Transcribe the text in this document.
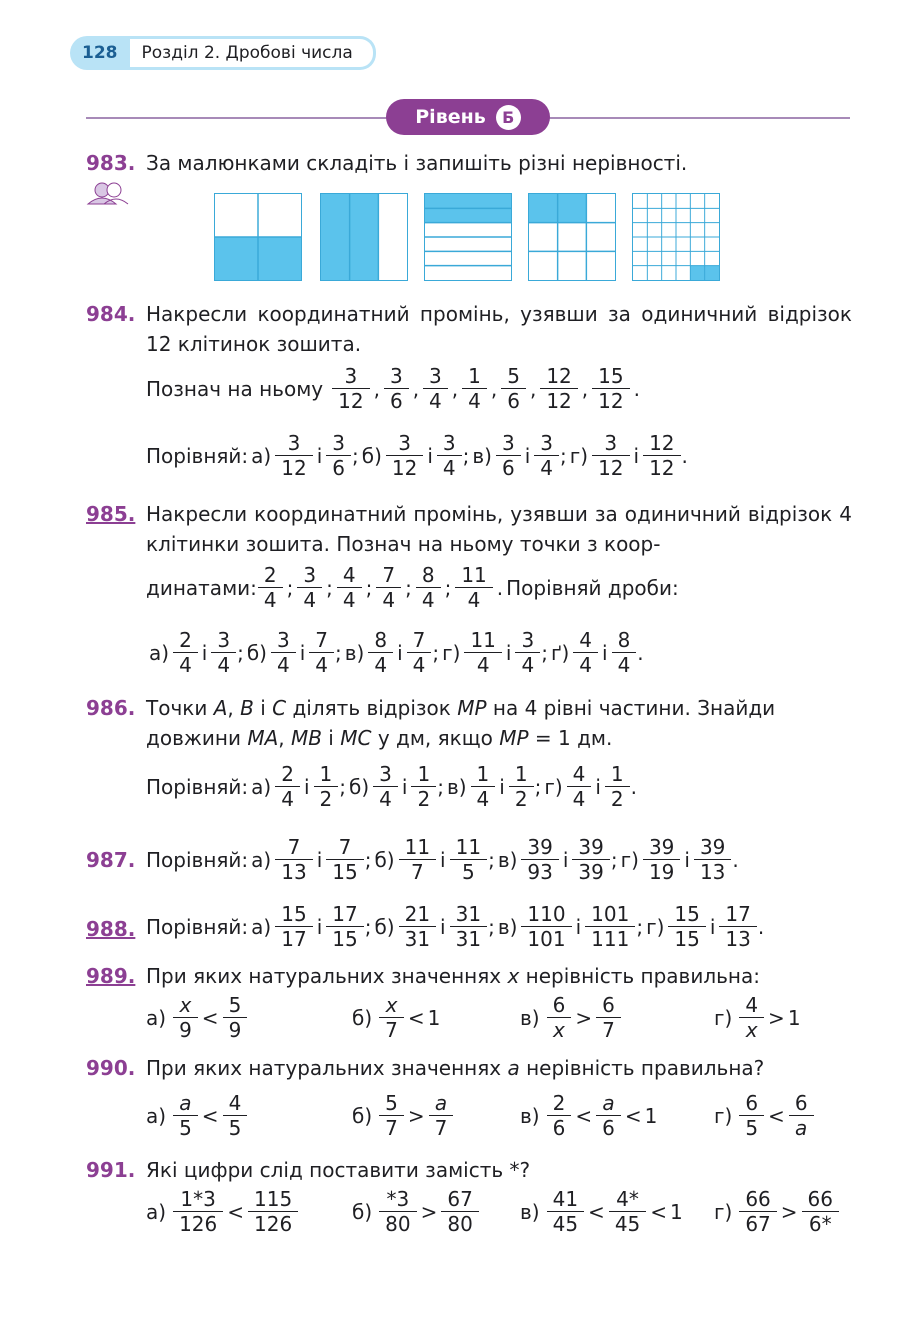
128	Розділ 2. Дробові числа
Рівень	Б
983. За малюнками складіть і запишіть різні нерівності.
984. Накресли координатний промінь, узявши за одиничний відрізок 12 клітинок зошита.
Познач на ньому $\frac{3}{12}$ , $\frac{3}{6}$ , $\frac{3}{4}$ , $\frac{1}{4}$ , $\frac{5}{6}$ , $\frac{12}{12}$ , $\frac{15}{12}$ .
Порівняй: $а) \frac{3}{12}$ і $\frac{3}{6}$ ; $б) \frac{3}{12}$ і $\frac{3}{4}$ ; $в) \frac{3}{6}$ і $\frac{3}{4}$ ; $г) \frac{3}{12}$ і $\frac{12}{12}$ .
985. Накресли координатний промінь, узявши за одиничний відрізок 4 клітинки зошита. Познач на ньому точки з коор-
динатами: $\frac{2}{4}$ ; $\frac{3}{4}$ ; $\frac{4}{4}$ ; $\frac{7}{4}$ ; $\frac{8}{4}$ ; $\frac{11}{4}$ . Порівняй дроби:
$а) \frac{2}{4}$ і $\frac{3}{4}$ ; $б) \frac{3}{4}$ і $\frac{7}{4}$ ; $в) \frac{8}{4}$ і $\frac{7}{4}$ ; $г) \frac{11}{4}$ і $\frac{3}{4}$ ; $ґ) \frac{4}{4}$ і $\frac{8}{4}$ .
986. Точки A, B і C ділять відрізок MP на 4 рівні частини. Знайди
довжини MA, MB і MC у дм, якщо MP = 1 дм.
Порівняй: $а) \frac{2}{4}$ і $\frac{1}{2}$ ; $б) \frac{3}{4}$ і $\frac{1}{2}$ ; $в) \frac{1}{4}$ і $\frac{1}{2}$ ; $г) \frac{4}{4}$ і $\frac{1}{2}$ .
987. Порівняй: $а) \frac{7}{13}$ і $\frac{7}{15}$ ; $б) \frac{11}{7}$ і $\frac{11}{5}$ ; $в) \frac{39}{93}$ і $\frac{39}{39}$ ; $г) \frac{39}{19}$ і $\frac{39}{13}$ .
988. Порівняй: $а) \frac{15}{17}$ і $\frac{17}{15}$ ; $б) \frac{21}{31}$ і $\frac{31}{31}$ ; $в) \frac{110}{101}$ і $\frac{101}{111}$ ; $г) \frac{15}{15}$ і $\frac{17}{13}$ .
989. При яких натуральних значеннях x нерівність правильна:
$а) \frac{x}{9} < \frac{5}{9}$	$б) \frac{x}{7} < 1$	$в) \frac{6}{x} > \frac{6}{7}$	$г) \frac{4}{x} > 1$
990. При яких натуральних значеннях a нерівність правильна?
$а) \frac{a}{5} < \frac{4}{5}$	$б) \frac{5}{7} > \frac{a}{7}$	$в) \frac{2}{6} < \frac{a}{6} < 1$	$г) \frac{6}{5} < \frac{6}{a}$
991. Які цифри слід поставити замість *?
$а) \frac{1*3}{126} < \frac{115}{126}$	$б) \frac{*3}{80} > \frac{67}{80} в) \frac{41}{45} < \frac{4*}{45} < 1$ $г) \frac{66}{67} > \frac{66}{6*}$
